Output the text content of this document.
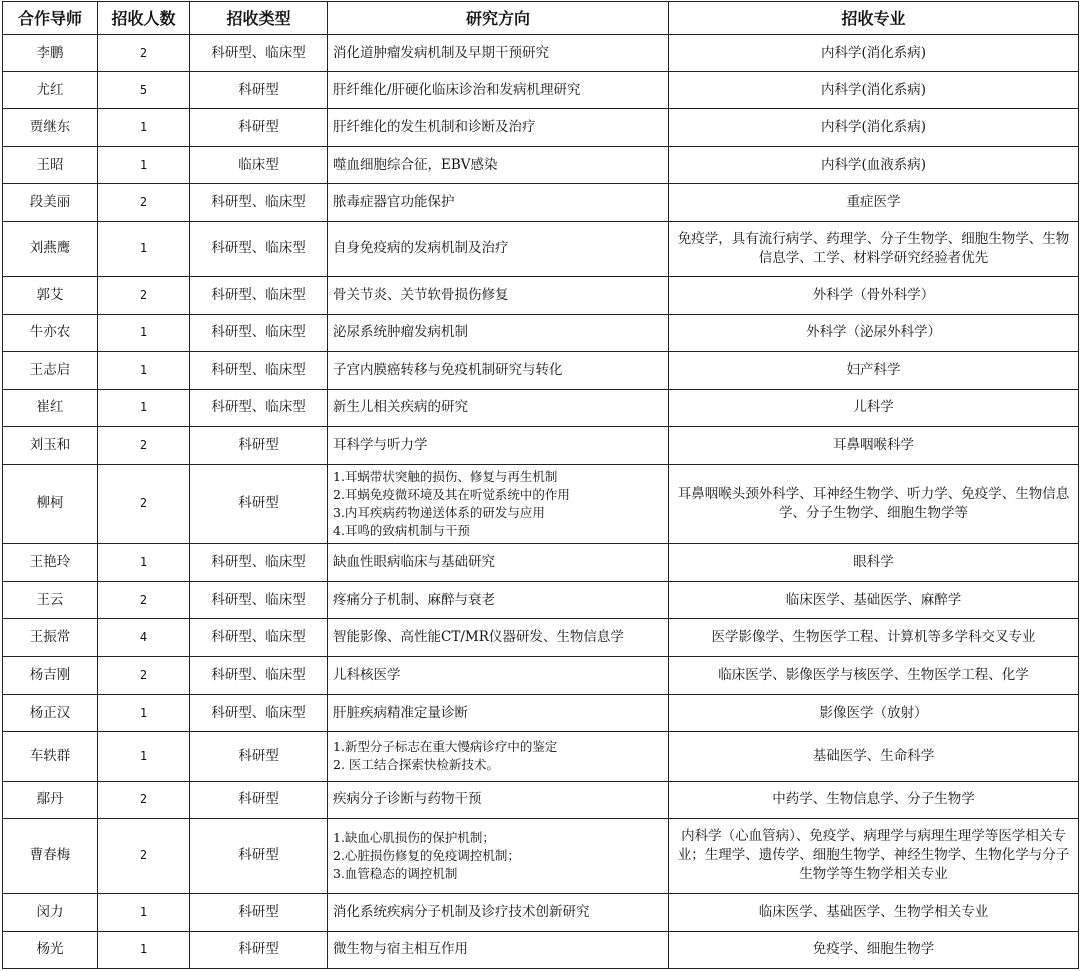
合作导师	招收人数	招收类型	研究方向	招收专业
李鹏	2	科研型、临床型	消化道肿瘤发病机制及早期干预研究	内科学(消化系病)
尤红	5	科研型	肝纤维化/肝硬化临床诊治和发病机理研究	内科学(消化系病)
贾继东	1	科研型	肝纤维化的发生机制和诊断及治疗	内科学(消化系病)
王昭	1	临床型	噬血细胞综合征，EBV感染	内科学(血液系病)
段美丽	2	科研型、临床型	脓毒症器官功能保护	重症医学
刘燕鹰	1	科研型、临床型	自身免疫病的发病机制及治疗	免疫学，具有流行病学、药理学、分子生物学、细胞生物学、生物信息学、工学、材料学研究经验者优先
郭艾	2	科研型、临床型	骨关节炎、关节软骨损伤修复	外科学（骨外科学）
牛亦农	1	科研型、临床型	泌尿系统肿瘤发病机制	外科学（泌尿外科学）
王志启	1	科研型、临床型	子宫内膜癌转移与免疫机制研究与转化	妇产科学
崔红	1	科研型、临床型	新生儿相关疾病的研究	儿科学
刘玉和	2	科研型	耳科学与听力学	耳鼻咽喉科学
柳柯	2	科研型	1.耳蜗带状突触的损伤、修复与再生机制
2.耳蜗免疫微环境及其在听觉系统中的作用
3.内耳疾病药物递送体系的研发与应用
4.耳鸣的致病机制与干预	耳鼻咽喉头颈外科学、耳神经生物学、听力学、免疫学、生物信息学、分子生物学、细胞生物学等
王艳玲	1	科研型、临床型	缺血性眼病临床与基础研究	眼科学
王云	2	科研型、临床型	疼痛分子机制、麻醉与衰老	临床医学、基础医学、麻醉学
王振常	4	科研型、临床型	智能影像、高性能CT/MR仪器研发、生物信息学	医学影像学、生物医学工程、计算机等多学科交叉专业
杨吉刚	2	科研型、临床型	儿科核医学	临床医学、影像医学与核医学、生物医学工程、化学
杨正汉	1	科研型、临床型	肝脏疾病精准定量诊断	影像医学（放射）
车轶群	1	科研型	1.新型分子标志在重大慢病诊疗中的鉴定
2. 医工结合探索快检新技术。	基础医学、生命科学
鄢丹	2	科研型	疾病分子诊断与药物干预	中药学、生物信息学、分子生物学
曹春梅	2	科研型	1.缺血心肌损伤的保护机制；
2.心脏损伤修复的免疫调控机制；
3.血管稳态的调控机制	内科学（心血管病）、免疫学、病理学与病理生理学等医学相关专业；生理学、遗传学、细胞生物学、神经生物学、生物化学与分子生物学等生物学相关专业
闵力	1	科研型	消化系统疾病分子机制及诊疗技术创新研究	临床医学、基础医学、生物学相关专业
杨光	1	科研型	微生物与宿主相互作用	免疫学、细胞生物学
